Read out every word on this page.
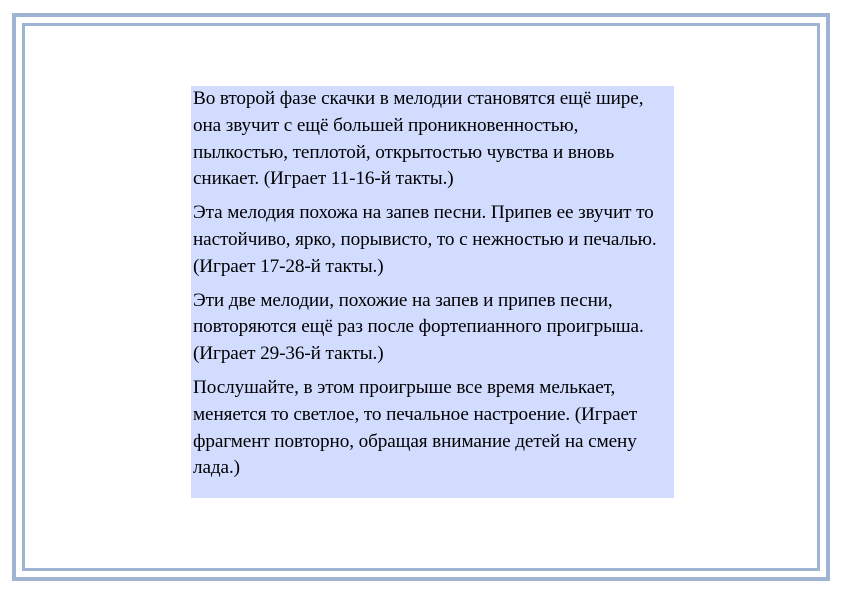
Во второй фазе скачки в мелодии становятся ещё шире, она звучит с ещё большей проникновенностью, пылкостью, теплотой, открытостью чувства и вновь сникает. (Играет 11-16-й такты.)

Эта мелодия похожа на запев песни. Припев ее звучит то настойчиво, ярко, порывисто, то с нежностью и печалью. (Играет 17-28-й такты.)

Эти две мелодии, похожие на запев и припев песни, повторяются ещё раз после фортепианного проигрыша. (Играет 29-36-й такты.)

Послушайте, в этом проигрыше все время мелькает, меняется то светлое, то печальное настроение. (Играет фрагмент повторно, обращая внимание детей на смену лада.)
